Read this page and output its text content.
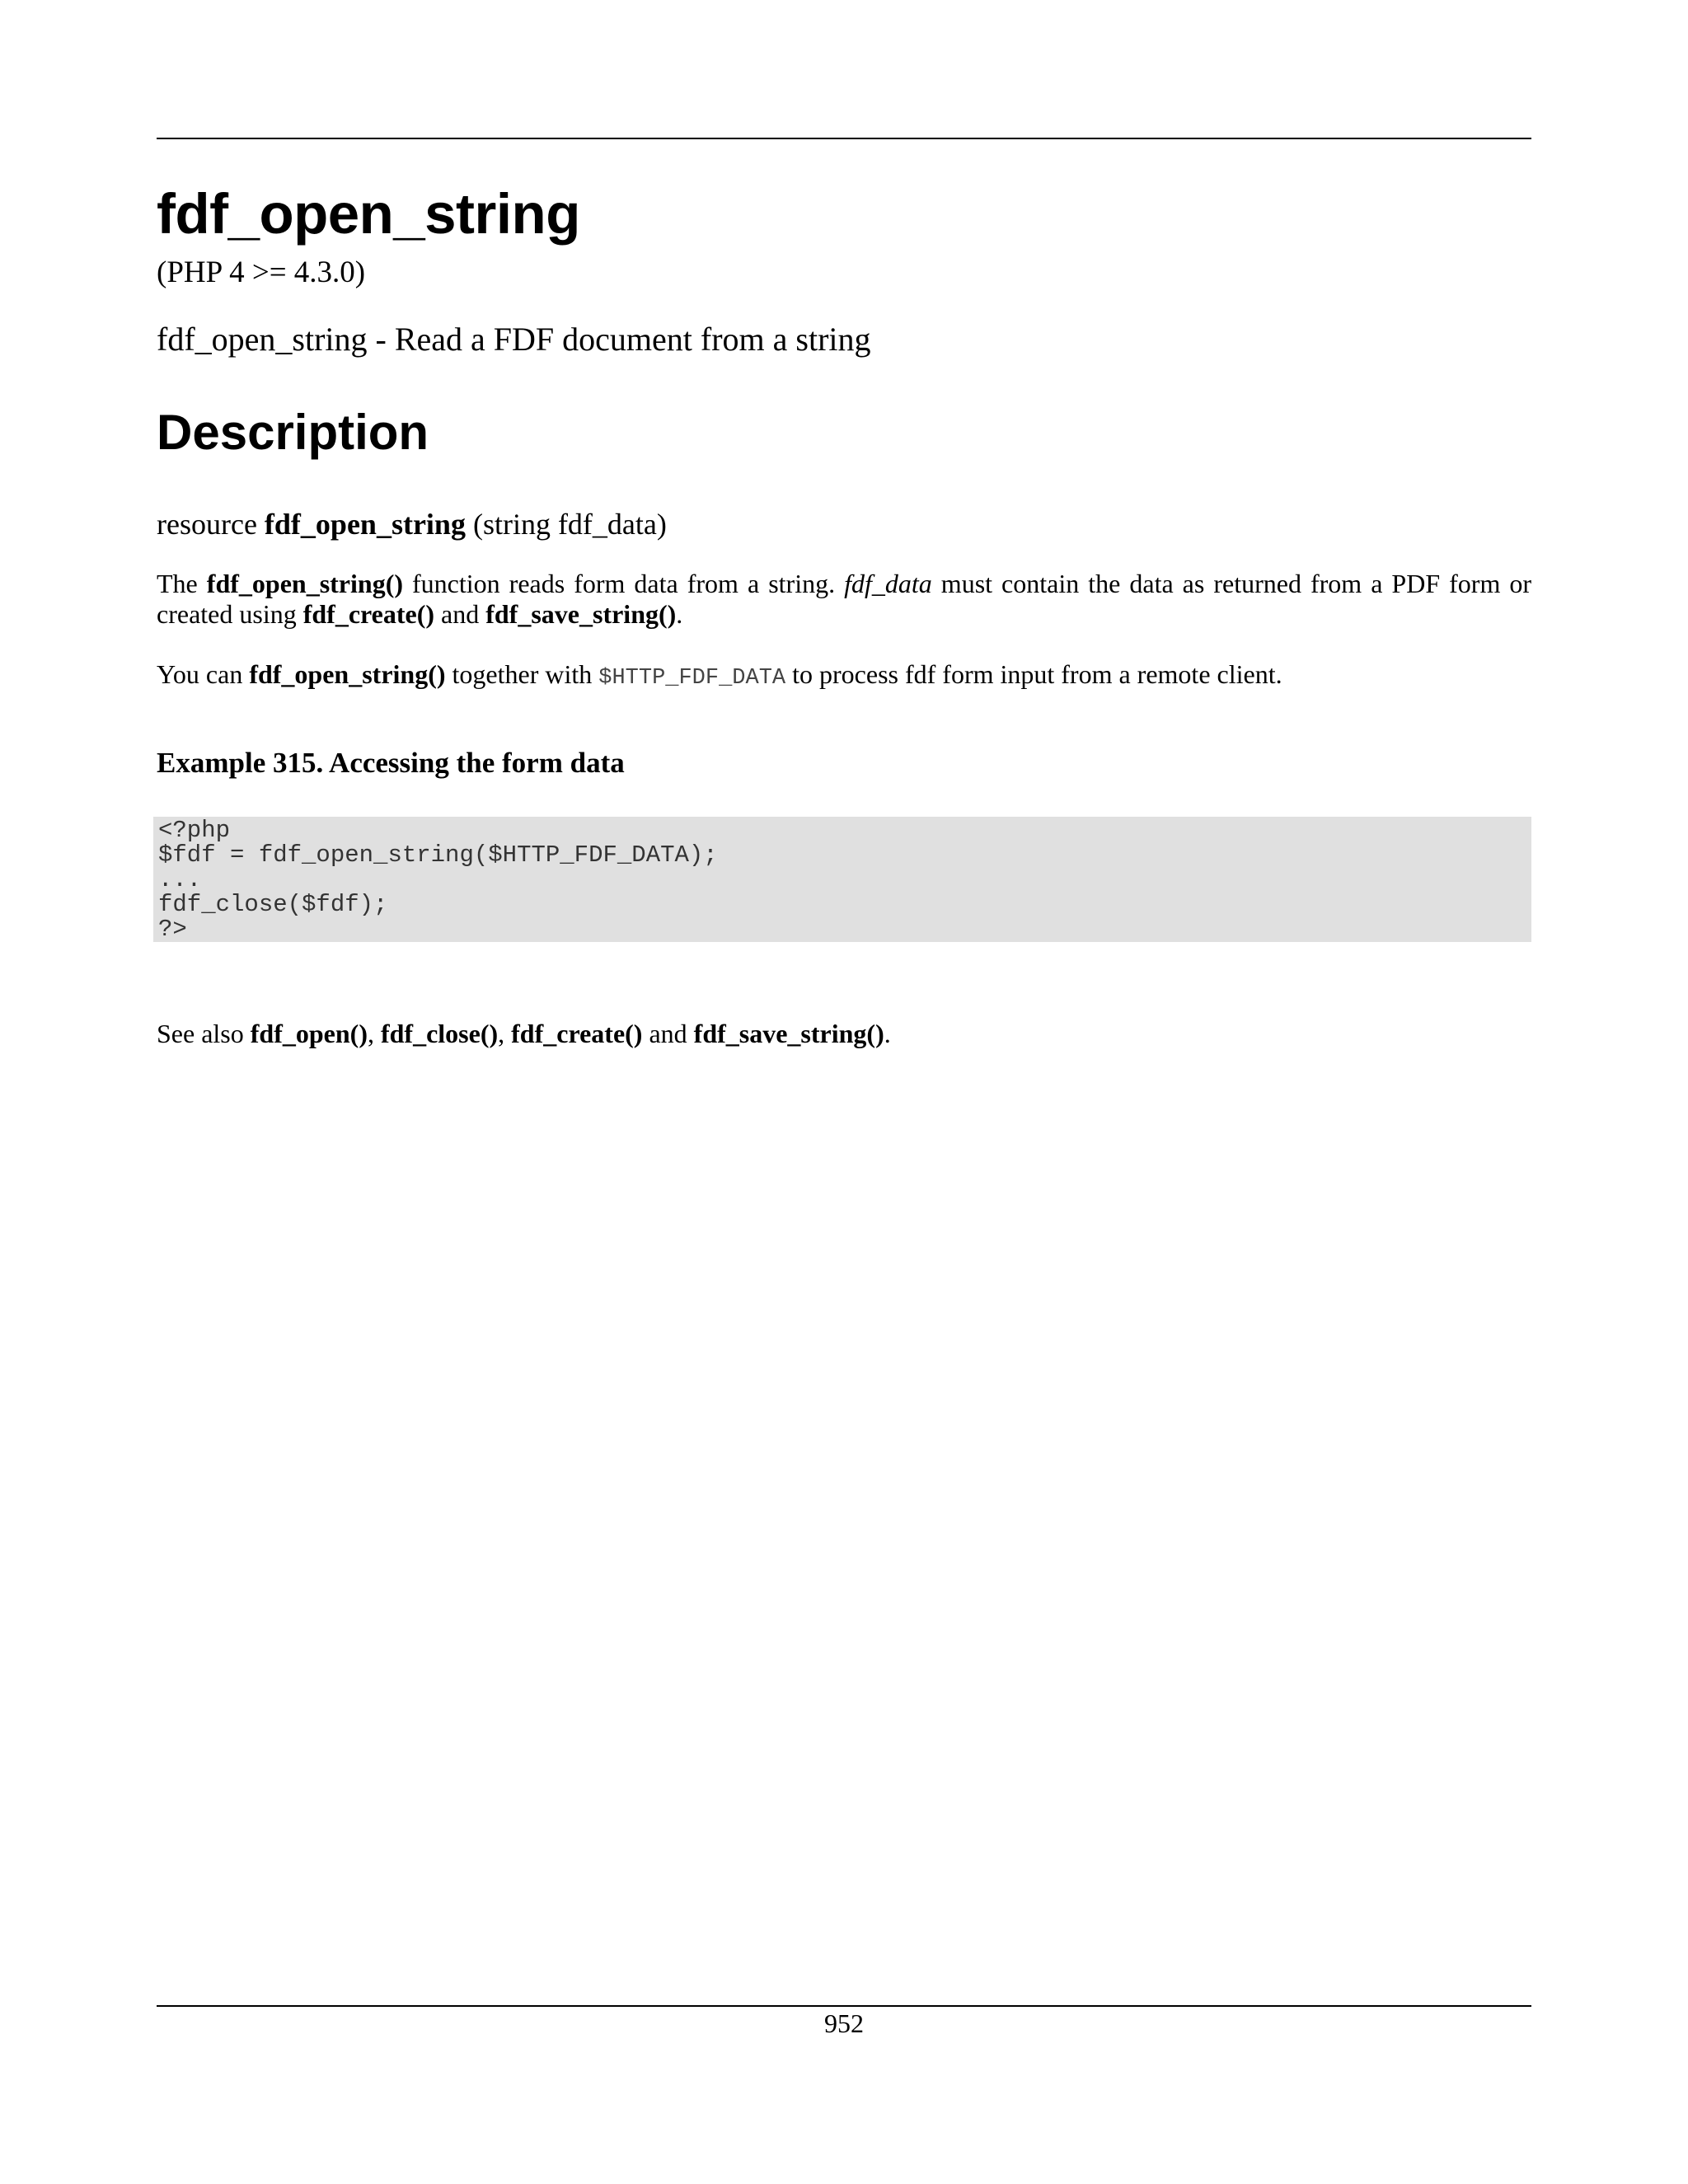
fdf_open_string

(PHP 4 >= 4.3.0)

fdf_open_string - Read a FDF document from a string

Description

resource fdf_open_string (string fdf_data)

The fdf_open_string() function reads form data from a string. fdf_data must contain the data as returned from a PDF form or created using fdf_create() and fdf_save_string().

You can fdf_open_string() together with $HTTP_FDF_DATA to process fdf form input from a remote client.

Example 315. Accessing the form data

<?php
$fdf = fdf_open_string($HTTP_FDF_DATA);
...
fdf_close($fdf);
?>

See also fdf_open(), fdf_close(), fdf_create() and fdf_save_string().

952
